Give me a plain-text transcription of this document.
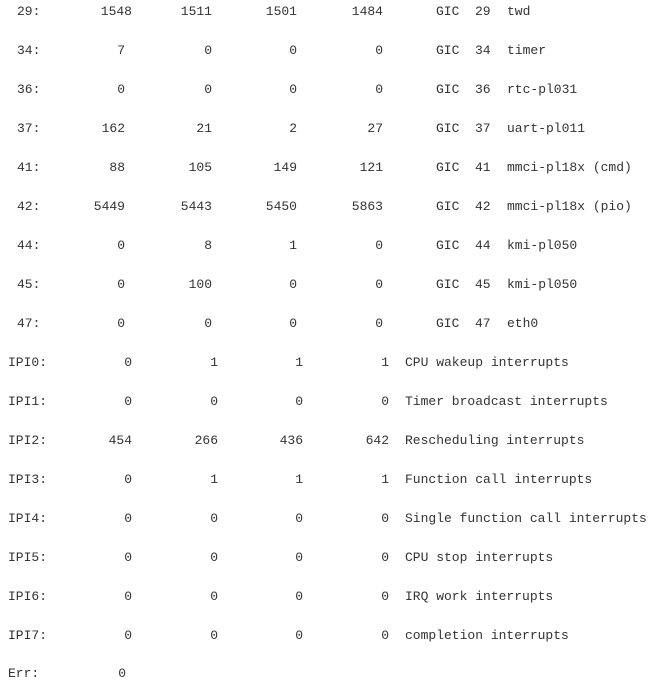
29:	1548	1511	1501	1484	GIC 29 twd
34:	7	0	0	0	GIC 34 timer
36:	0	0	0	0	GIC 36 rtc-pl031
37:	162	21	2	27	GIC 37 uart-pl011
41:	88	105	149	121	GIC 41 mmci-pl18x (cmd)
42:	5449	5443	5450	5863	GIC 42 mmci-pl18x (pio)
44:	0	8	1	0	GIC 44 kmi-pl050
45:	0	100	0	0	GIC 45 kmi-pl050
47:	0	0	0	0	GIC 47 eth0
IPI0:	0	1	1	1 CPU wakeup interrupts
IPI1:	0	0	0	0 Timer broadcast interrupts
IPI2:	454	266	436	642 Rescheduling interrupts
IPI3:	0	1	1	1 Function call interrupts
IPI4:	0	0	0	0 Single function call interrupts
IPI5:	0	0	0	0 CPU stop interrupts
IPI6:	0	0	0	0 IRQ work interrupts
IPI7:	0	0	0	0 completion interrupts
Err:	0
